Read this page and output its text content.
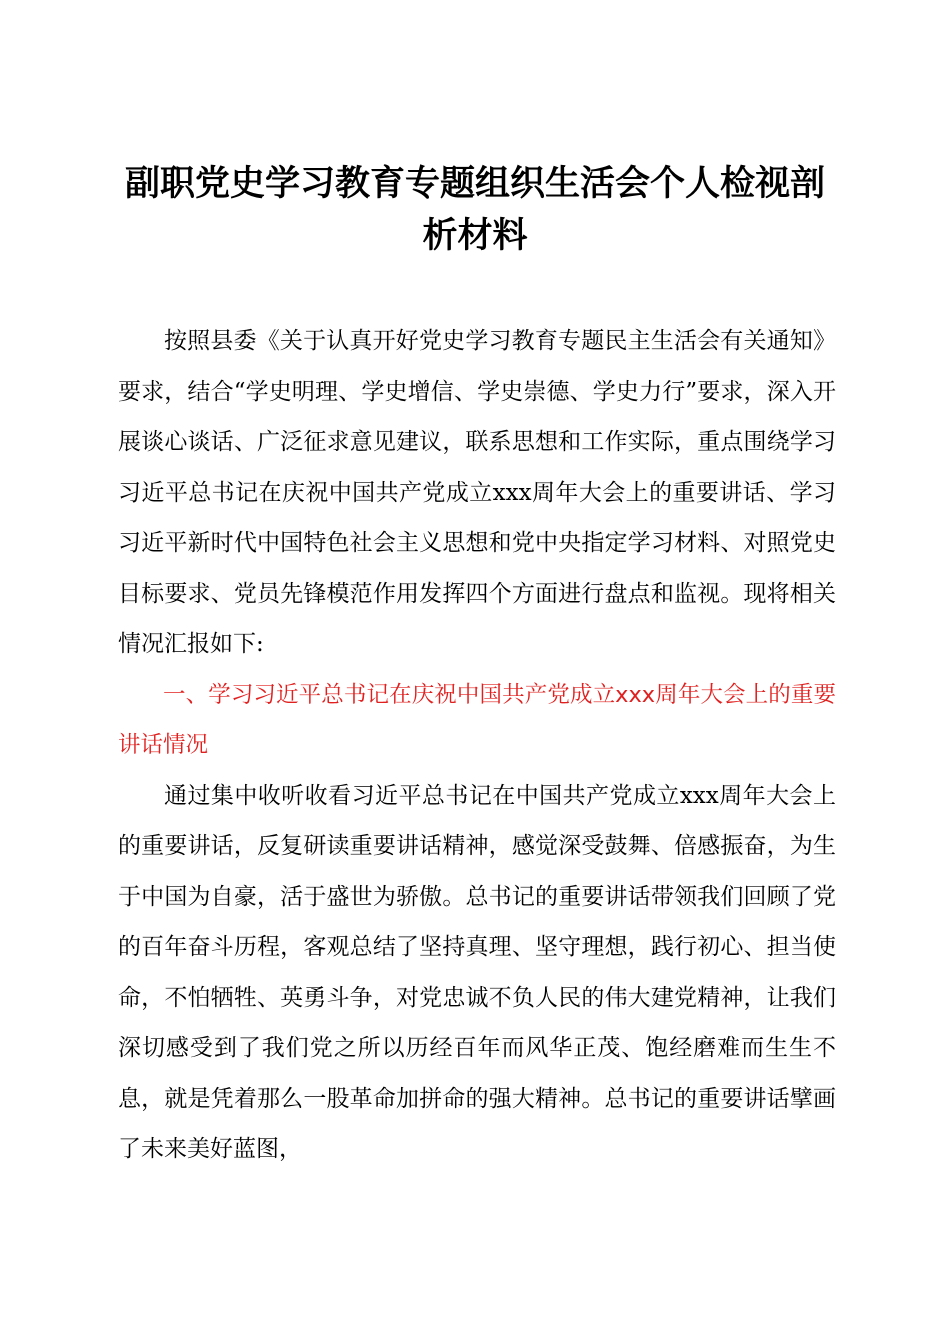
副职党史学习教育专题组织生活会个人检视剖
析材料

按照县委《关于认真开好党史学习教育专题民主生活会有关通知》要求，结合“学史明理、学史增信、学史崇德、学史力行”要求，深入开展谈心谈话、广泛征求意见建议，联系思想和工作实际，重点围绕学习习近平总书记在庆祝中国共产党成立xxx周年大会上的重要讲话、学习习近平新时代中国特色社会主义思想和党中央指定学习材料、对照党史目标要求、党员先锋模范作用发挥四个方面进行盘点和监视。现将相关情况汇报如下:

一、学习习近平总书记在庆祝中国共产党成立xxx周年大会上的重要讲话情况

通过集中收听收看习近平总书记在中国共产党成立xxx周年大会上的重要讲话，反复研读重要讲话精神，感觉深受鼓舞、倍感振奋，为生于中国为自豪，活于盛世为骄傲。总书记的重要讲话带领我们回顾了党的百年奋斗历程，客观总结了坚持真理、坚守理想，践行初心、担当使命，不怕牺牲、英勇斗争，对党忠诚不负人民的伟大建党精神，让我们深切感受到了我们党之所以历经百年而风华正茂、饱经磨难而生生不息，就是凭着那么一股革命加拼命的强大精神。总书记的重要讲话擘画了未来美好蓝图，
